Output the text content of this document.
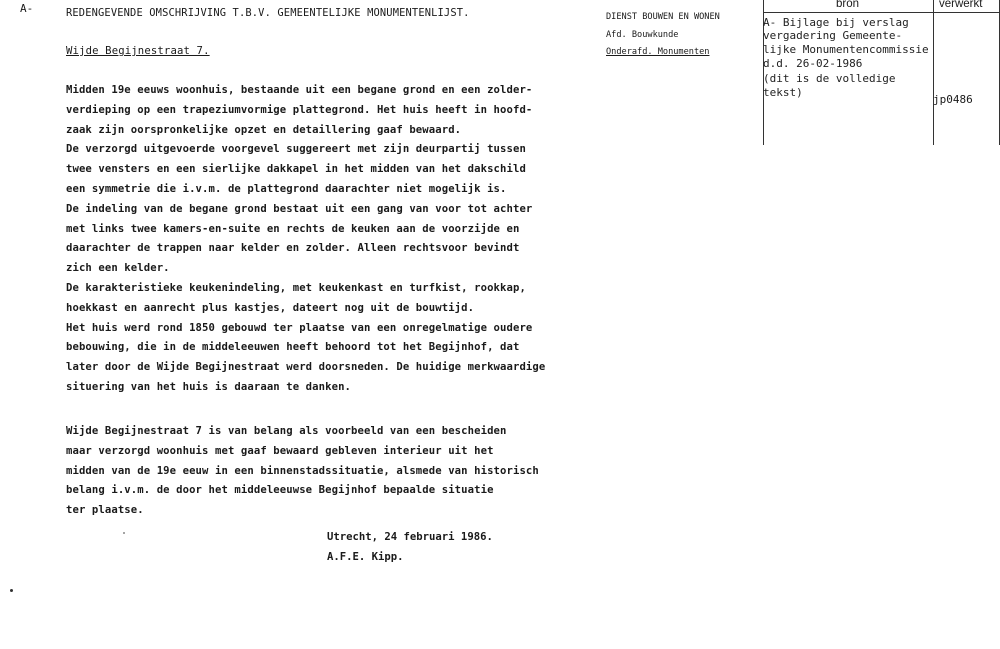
A-	REDENGEVENDE OMSCHRIJVING T.B.V. GEMEENTELIJKE MONUMENTENLIJST.
Wijde Begijnestraat 7.
DIENST BOUWEN EN WONEN
Afd. Bouwkunde
Onderafd. Monumenten
bron	verwerkt
A- Bijlage bij verslag
vergadering Gemeente-
lijke Monumentencommissie
d.d. 26-02-1986
(dit is de volledige
tekst)
jp0486
Midden 19e eeuws woonhuis, bestaande uit een begane grond en een zolder-
verdieping op een trapeziumvormige plattegrond. Het huis heeft in hoofd-
zaak zijn oorspronkelijke opzet en detaillering gaaf bewaard.
De verzorgd uitgevoerde voorgevel suggereert met zijn deurpartij tussen
twee vensters en een sierlijke dakkapel in het midden van het dakschild
een symmetrie die i.v.m. de plattegrond daarachter niet mogelijk is.
De indeling van de begane grond bestaat uit een gang van voor tot achter
met links twee kamers-en-suite en rechts de keuken aan de voorzijde en
daarachter de trappen naar kelder en zolder. Alleen rechtsvoor bevindt
zich een kelder.
De karakteristieke keukenindeling, met keukenkast en turfkist, rookkap,
hoekkast en aanrecht plus kastjes, dateert nog uit de bouwtijd.
Het huis werd rond 1850 gebouwd ter plaatse van een onregelmatige oudere
bebouwing, die in de middeleeuwen heeft behoord tot het Begijnhof, dat
later door de Wijde Begijnestraat werd doorsneden. De huidige merkwaardige
situering van het huis is daaraan te danken.
Wijde Begijnestraat 7 is van belang als voorbeeld van een bescheiden
maar verzorgd woonhuis met gaaf bewaard gebleven interieur uit het
midden van de 19e eeuw in een binnenstadssituatie, alsmede van historisch
belang i.v.m. de door het middeleeuwse Begijnhof bepaalde situatie
ter plaatse.
Utrecht, 24 februari 1986.
A.F.E. Kipp.
